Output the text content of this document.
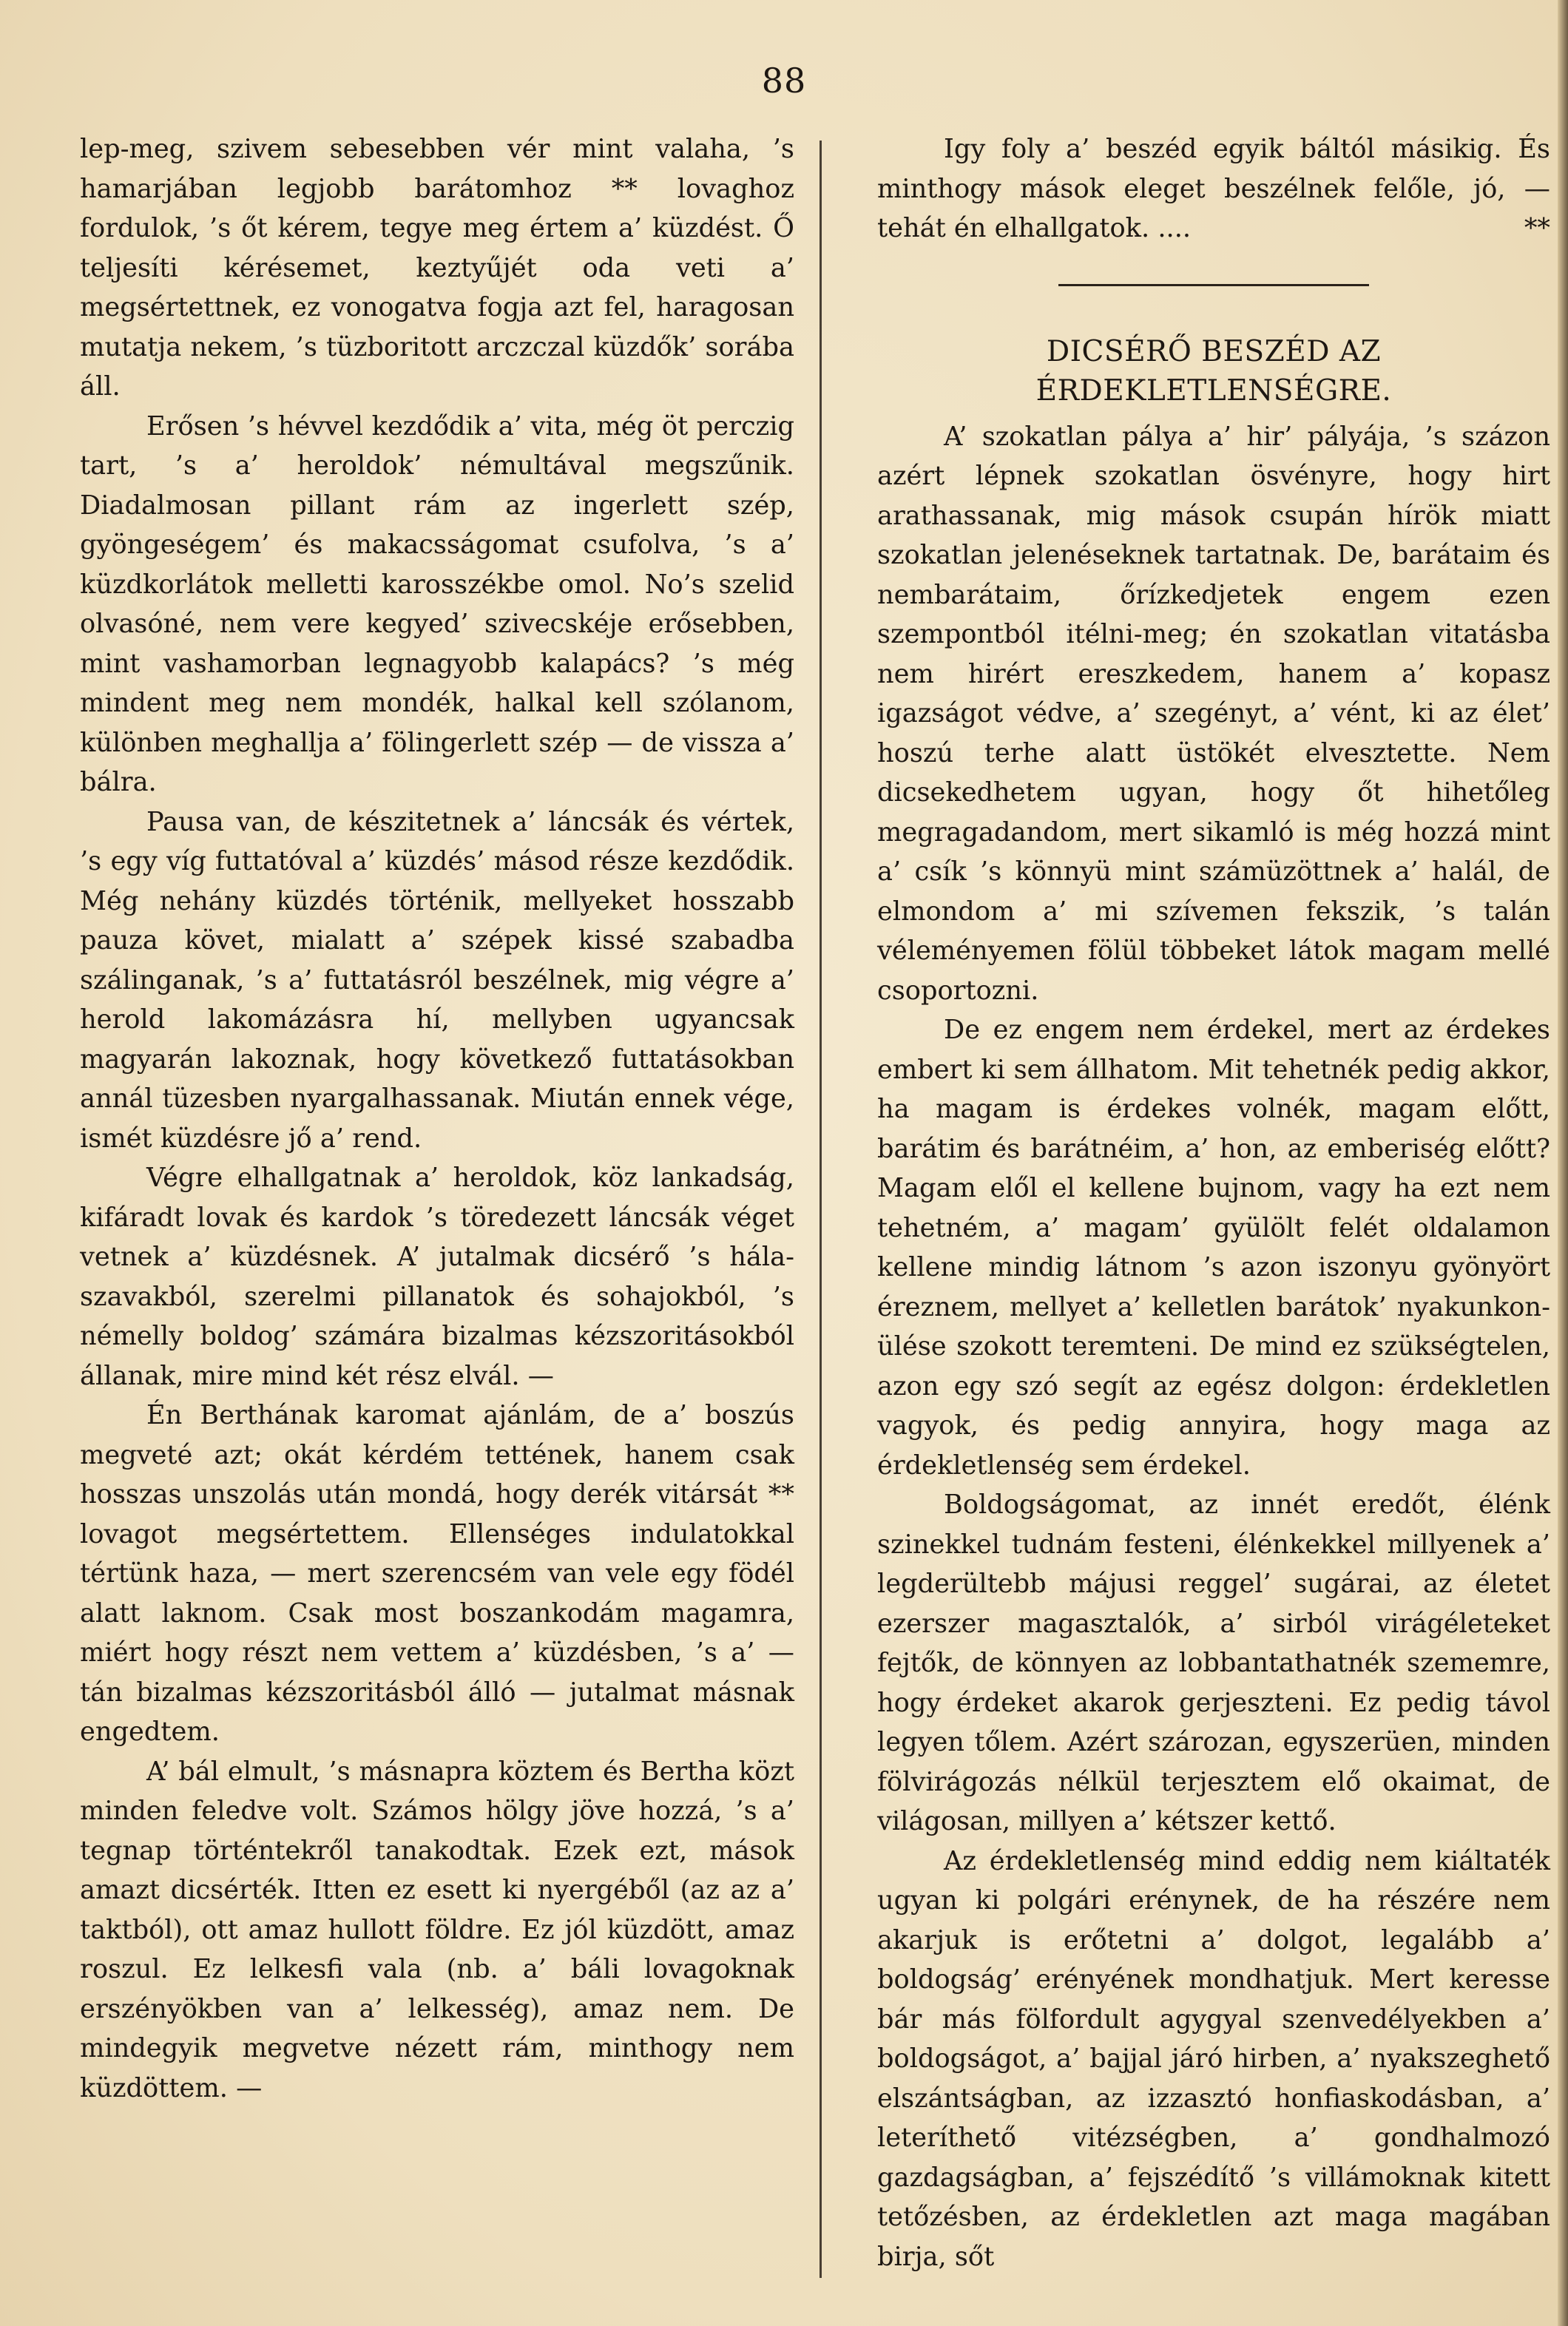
88

lep-meg, szivem sebesebben vér mint valaha, ’s hamarjában legjobb barátomhoz ** lovaghoz fordulok, ’s őt kérem, tegye meg értem a’ küzdést. Ő teljesíti kérésemet, keztyűjét oda veti a’ megsértettnek, ez vonogatva fogja azt fel, haragosan mutatja nekem, ’s tüzboritott arczczal küzdők’ sorába áll.

Erősen ’s hévvel kezdődik a’ vita, még öt perczig tart, ’s a’ heroldok’ némultával megszűnik. Diadalmosan pillant rám az ingerlett szép, gyöngeségem’ és makacsságomat csufolva, ’s a’ küzdkorlátok melletti karosszékbe omol. No’s szelid olvasóné, nem vere kegyed’ szivecskéje erősebben, mint vashamorban legnagyobb kalapács? ’s még mindent meg nem mondék, halkal kell szólanom, különben meghallja a’ fölingerlett szép — de vissza a’ bálra.

Pausa van, de készitetnek a’ láncsák és vértek, ’s egy víg futtatóval a’ küzdés’ másod része kezdődik. Még nehány küzdés történik, mellyeket hosszabb pauza követ, mialatt a’ szépek kissé szabadba szálinganak, ’s a’ futtatásról beszélnek, mig végre a’ herold lakomázásra hí, mellyben ugyancsak magyarán lakoznak, hogy következő futtatásokban annál tüzesben nyargalhassanak. Miután ennek vége, ismét küzdésre jő a’ rend.

Végre elhallgatnak a’ heroldok, köz lankadság, kifáradt lovak és kardok ’s töredezett láncsák véget vetnek a’ küzdésnek. A’ jutalmak dicsérő ’s hála-szavakból, szerelmi pillanatok és sohajokból, ’s némelly boldog’ számára bizalmas kézszoritásokból állanak, mire mind két rész elvál. —

Én Berthának karomat ajánlám, de a’ boszús megveté azt; okát kérdém tettének, hanem csak hosszas unszolás után mondá, hogy derék vitársát ** lovagot megsértettem. Ellenséges indulatokkal tértünk haza, — mert szerencsém van vele egy födél alatt laknom. Csak most boszankodám magamra, miért hogy részt nem vettem a’ küzdésben, ’s a’ — tán bizalmas kézszoritásból álló — jutalmat másnak engedtem.

A’ bál elmult, ’s másnapra köztem és Bertha közt minden feledve volt. Számos hölgy jöve hozzá, ’s a’ tegnap történtekről tanakodtak. Ezek ezt, mások amazt dicsérték. Itten ez esett ki nyergéből (az az a’ taktból), ott amaz hullott földre. Ez jól küzdött, amaz roszul. Ez lelkesfi vala (nb. a’ báli lovagoknak erszényökben van a’ lelkesség), amaz nem. De mindegyik megvetve nézett rám, minthogy nem küzdöttem. —

Igy foly a’ beszéd egyik báltól másikig. És minthogy mások eleget beszélnek felőle, jó, — tehát én elhallgatok. ....	**

DICSÉRŐ BESZÉD AZ ÉRDEKLETLENSÉGRE.

A’ szokatlan pálya a’ hir’ pályája, ’s százon azért lépnek szokatlan ösvényre, hogy hirt arathassanak, mig mások csupán hírök miatt szokatlan jelenéseknek tartatnak. De, barátaim és nembarátaim, őrízkedjetek engem ezen szempontból itélni-meg; én szokatlan vitatásba nem hirért ereszkedem, hanem a’ kopasz igazságot védve, a’ szegényt, a’ vént, ki az élet’ hoszú terhe alatt üstökét elvesztette. Nem dicsekedhetem ugyan, hogy őt hihetőleg megragadandom, mert sikamló is még hozzá mint a’ csík ’s könnyü mint számüzöttnek a’ halál, de elmondom a’ mi szívemen fekszik, ’s talán véleményemen fölül többeket látok magam mellé csoportozni.

De ez engem nem érdekel, mert az érdekes embert ki sem állhatom. Mit tehetnék pedig akkor, ha magam is érdekes volnék, magam előtt, barátim és barátnéim, a’ hon, az emberiség előtt? Magam elől el kellene bujnom, vagy ha ezt nem tehetném, a’ magam’ gyülölt felét oldalamon kellene mindig látnom ’s azon iszonyu gyönyört éreznem, mellyet a’ kelletlen barátok’ nyakunkon-ülése szokott teremteni. De mind ez szükségtelen, azon egy szó segít az egész dolgon: érdekletlen vagyok, és pedig annyira, hogy maga az érdekletlenség sem érdekel.

Boldogságomat, az innét eredőt, élénk szinekkel tudnám festeni, élénkekkel millyenek a’ legderültebb májusi reggel’ sugárai, az életet ezerszer magasztalók, a’ sirból virágéleteket fejtők, de könnyen az lobbantathatnék szememre, hogy érdeket akarok gerjeszteni. Ez pedig távol legyen tőlem. Azért szározan, egyszerüen, minden fölvirágozás nélkül terjesztem elő okaimat, de világosan, millyen a’ kétszer kettő.

Az érdekletlenség mind eddig nem kiáltaték ugyan ki polgári erénynek, de ha részére nem akarjuk is erőtetni a’ dolgot, legalább a’ boldogság’ erényének mondhatjuk. Mert keresse bár más fölfordult agygyal szenvedélyekben a’ boldogságot, a’ bajjal járó hirben, a’ nyakszeghető elszántságban, az izzasztó honfiaskodásban, a’ leteríthető vitézségben, a’ gondhalmozó gazdagságban, a’ fejszédítő ’s villámoknak kitett tetőzésben, az érdekletlen azt maga magában birja, sőt
